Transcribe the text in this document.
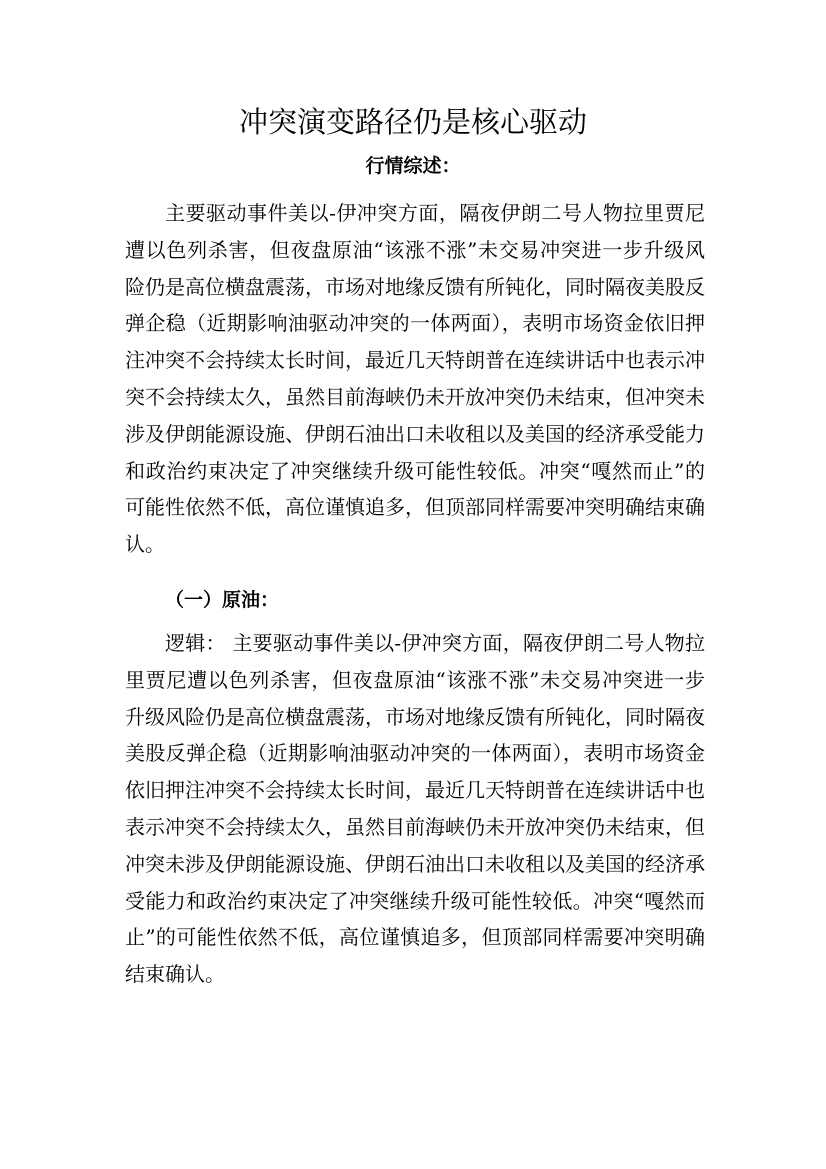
冲突演变路径仍是核心驱动
行情综述：

主要驱动事件美以-伊冲突方面，隔夜伊朗二号人物拉里贾尼遭以色列杀害，但夜盘原油“该涨不涨”未交易冲突进一步升级风险仍是高位横盘震荡，市场对地缘反馈有所钝化，同时隔夜美股反弹企稳（近期影响油驱动冲突的一体两面），表明市场资金依旧押注冲突不会持续太长时间，最近几天特朗普在连续讲话中也表示冲突不会持续太久，虽然目前海峡仍未开放冲突仍未结束，但冲突未涉及伊朗能源设施、伊朗石油出口未收租以及美国的经济承受能力和政治约束决定了冲突继续升级可能性较低。冲突“嘎然而止”的可能性依然不低，高位谨慎追多，但顶部同样需要冲突明确结束确认。

（一）原油：

逻辑： 主要驱动事件美以-伊冲突方面，隔夜伊朗二号人物拉里贾尼遭以色列杀害，但夜盘原油“该涨不涨”未交易冲突进一步升级风险仍是高位横盘震荡，市场对地缘反馈有所钝化，同时隔夜美股反弹企稳（近期影响油驱动冲突的一体两面），表明市场资金依旧押注冲突不会持续太长时间，最近几天特朗普在连续讲话中也表示冲突不会持续太久，虽然目前海峡仍未开放冲突仍未结束，但冲突未涉及伊朗能源设施、伊朗石油出口未收租以及美国的经济承受能力和政治约束决定了冲突继续升级可能性较低。冲突“嘎然而止”的可能性依然不低，高位谨慎追多，但顶部同样需要冲突明确结束确认。
